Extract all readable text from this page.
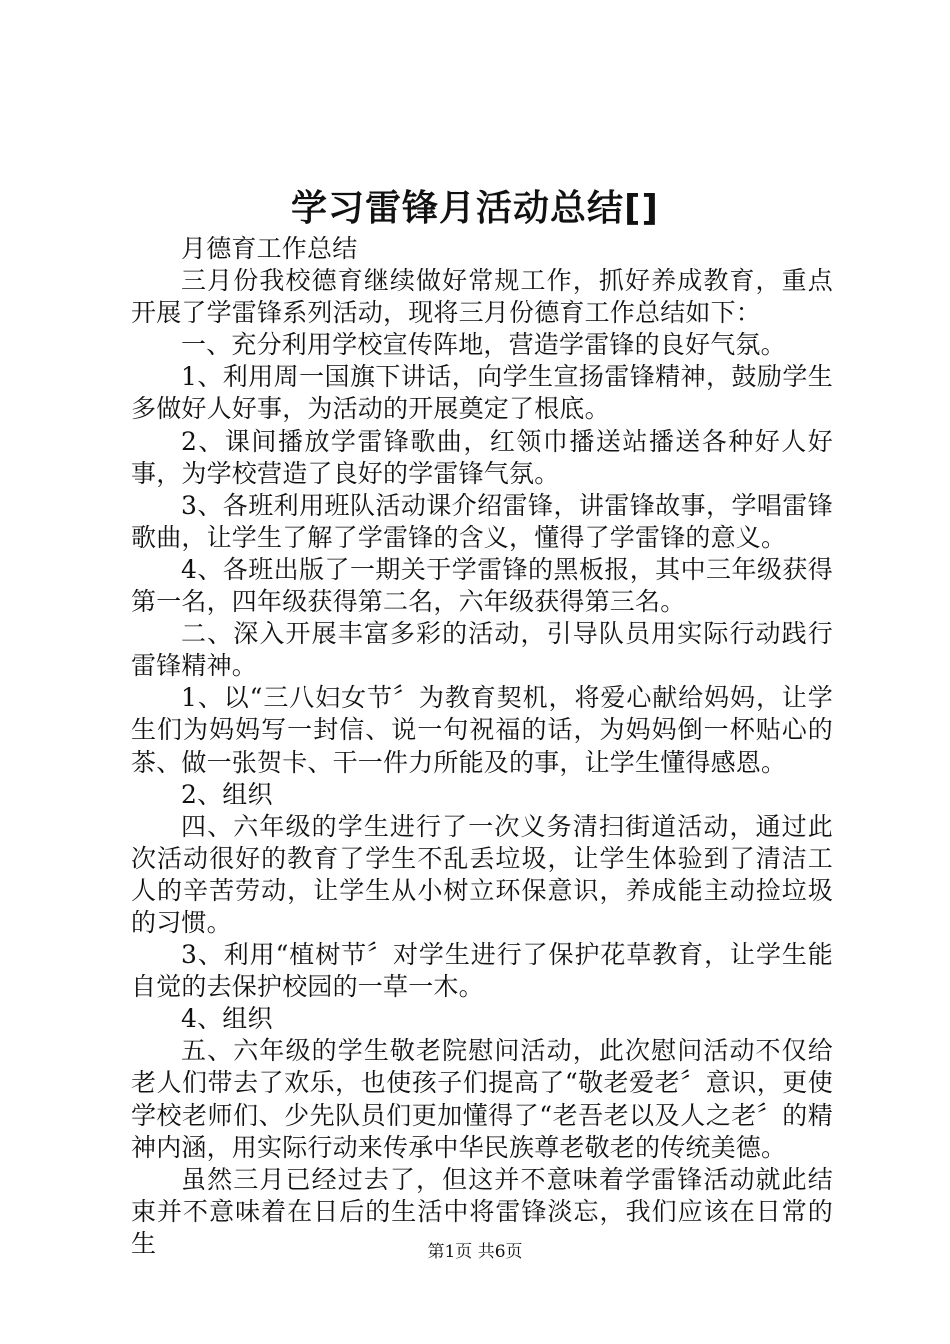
学习雷锋月活动总结[]

月德育工作总结

三月份我校德育继续做好常规工作，抓好养成教育，重点开展了学雷锋系列活动，现将三月份德育工作总结如下：

一、充分利用学校宣传阵地，营造学雷锋的良好气氛。

1、利用周一国旗下讲话，向学生宣扬雷锋精神，鼓励学生多做好人好事，为活动的开展奠定了根底。

2、课间播放学雷锋歌曲，红领巾播送站播送各种好人好事，为学校营造了良好的学雷锋气氛。

3、各班利用班队活动课介绍雷锋，讲雷锋故事，学唱雷锋歌曲，让学生了解了学雷锋的含义，懂得了学雷锋的意义。

4、各班出版了一期关于学雷锋的黑板报，其中三年级获得第一名，四年级获得第二名，六年级获得第三名。

二、深入开展丰富多彩的活动，引导队员用实际行动践行雷锋精神。

1、以“三八妇女节〞为教育契机，将爱心献给妈妈，让学生们为妈妈写一封信、说一句祝福的话，为妈妈倒一杯贴心的茶、做一张贺卡、干一件力所能及的事，让学生懂得感恩。

2、组织

四、六年级的学生进行了一次义务清扫街道活动，通过此次活动很好的教育了学生不乱丢垃圾，让学生体验到了清洁工人的辛苦劳动，让学生从小树立环保意识，养成能主动捡垃圾的习惯。

3、利用“植树节〞对学生进行了保护花草教育，让学生能自觉的去保护校园的一草一木。

4、组织

五、六年级的学生敬老院慰问活动，此次慰问活动不仅给老人们带去了欢乐，也使孩子们提高了“敬老爱老〞意识，更使学校老师们、少先队员们更加懂得了“老吾老以及人之老〞的精神内涵，用实际行动来传承中华民族尊老敬老的传统美德。

虽然三月已经过去了，但这并不意味着学雷锋活动就此结束并不意味着在日后的生活中将雷锋淡忘，我们应该在日常的生	第1页 共6页
